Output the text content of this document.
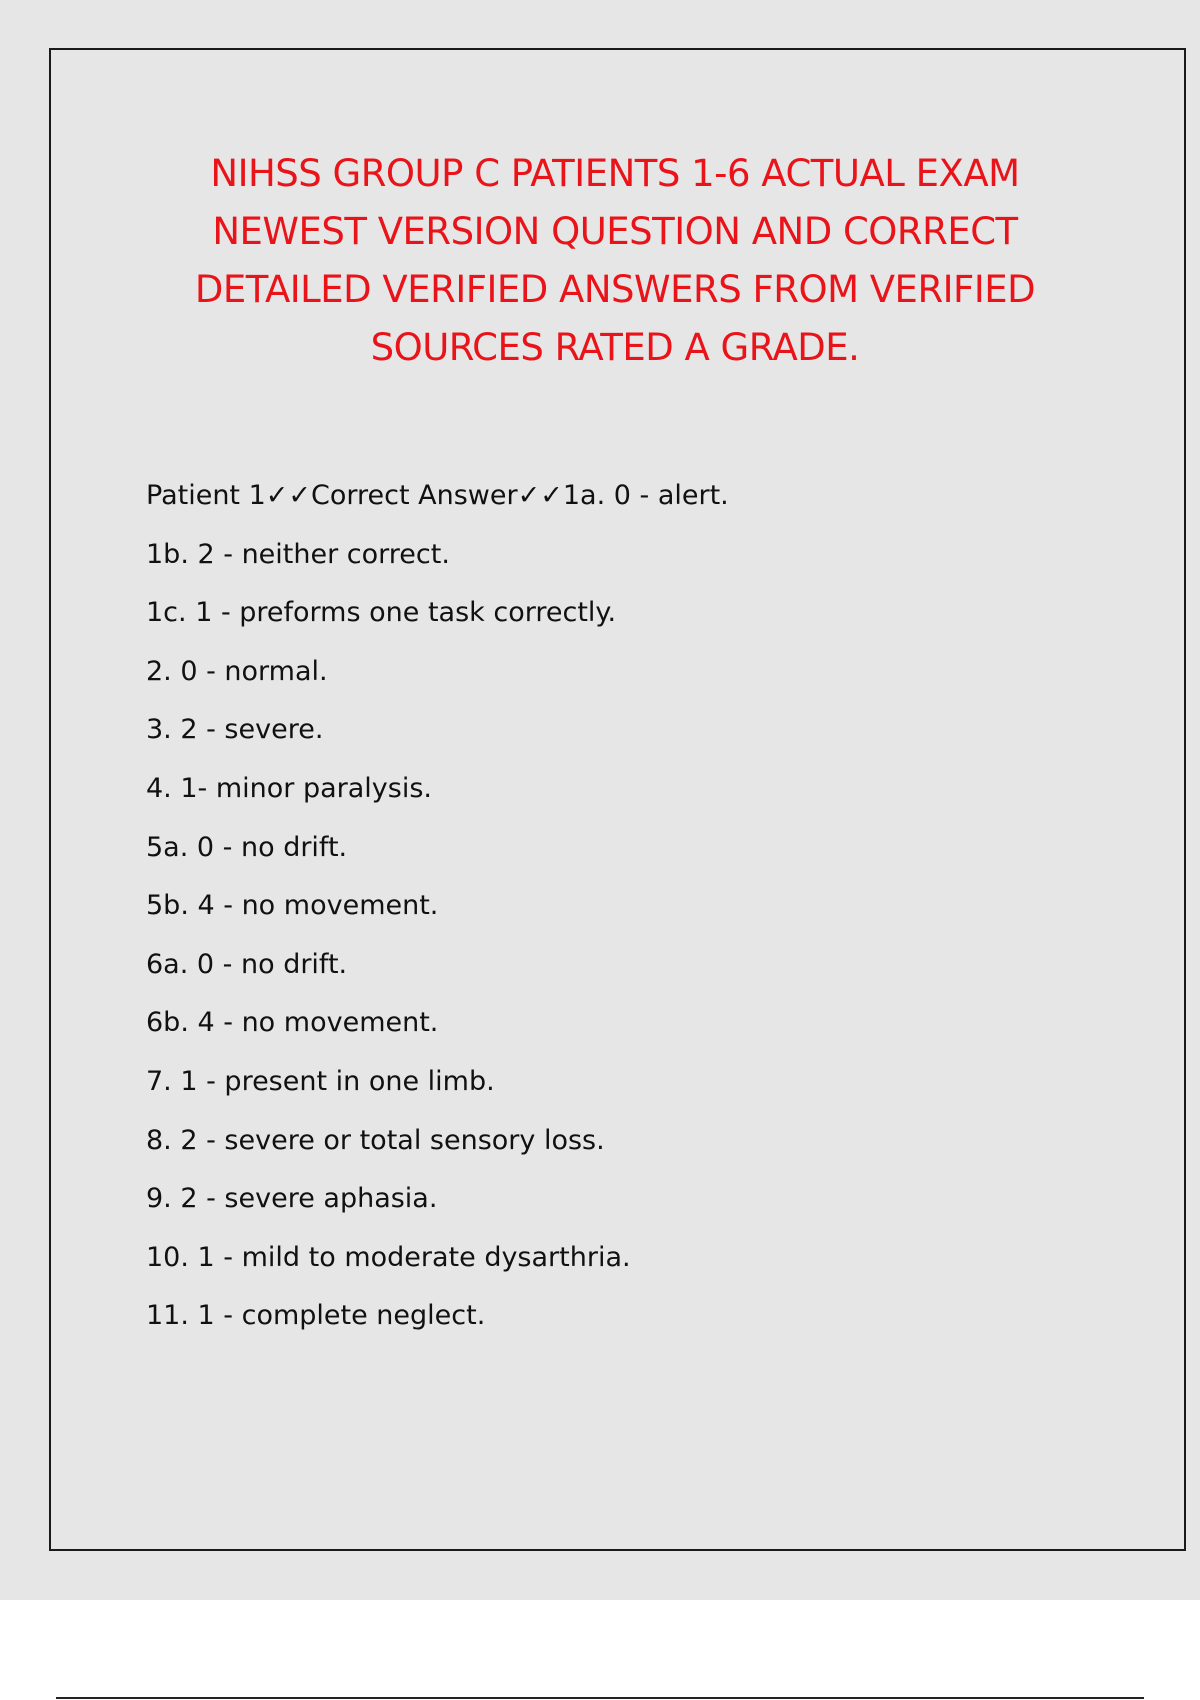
NIHSS GROUP C PATIENTS 1-6 ACTUAL EXAM
NEWEST VERSION QUESTION AND CORRECT
DETAILED VERIFIED ANSWERS FROM VERIFIED
SOURCES RATED A GRADE.
Patient 1✓✓Correct Answer✓✓1a. 0 - alert.
1b. 2 - neither correct.
1c. 1 - preforms one task correctly.
2. 0 - normal.
3. 2 - severe.
4. 1- minor paralysis.
5a. 0 - no drift.
5b. 4 - no movement.
6a. 0 - no drift.
6b. 4 - no movement.
7. 1 - present in one limb.
8. 2 - severe or total sensory loss.
9. 2 - severe aphasia.
10. 1 - mild to moderate dysarthria.
11. 1 - complete neglect.
